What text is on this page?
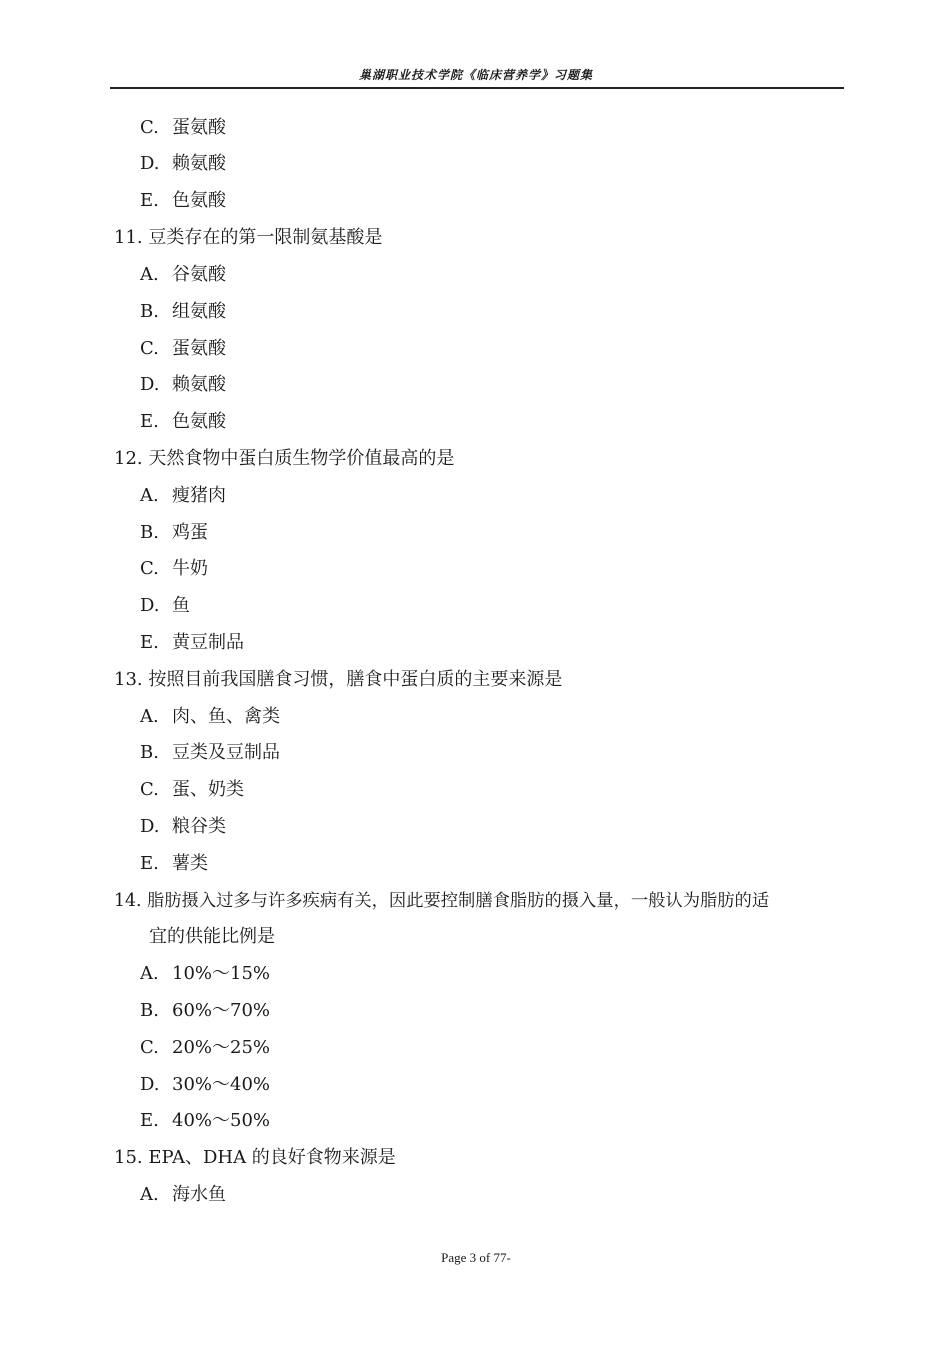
巢湖职业技术学院《临床营养学》习题集
C. 蛋氨酸
D. 赖氨酸
E. 色氨酸
11. 豆类存在的第一限制氨基酸是
A. 谷氨酸
B. 组氨酸
C. 蛋氨酸
D. 赖氨酸
E. 色氨酸
12. 天然食物中蛋白质生物学价值最高的是
A. 瘦猪肉
B. 鸡蛋
C. 牛奶
D. 鱼
E. 黄豆制品
13. 按照目前我国膳食习惯，膳食中蛋白质的主要来源是
A. 肉、鱼、禽类
B. 豆类及豆制品
C. 蛋、奶类
D. 粮谷类
E. 薯类
14. 脂肪摄入过多与许多疾病有关，因此要控制膳食脂肪的摄入量，一般认为脂肪的适
宜的供能比例是
A. 10%～15%
B. 60%～70%
C. 20%～25%
D. 30%～40%
E. 40%～50%
15. EPA、DHA 的良好食物来源是
A. 海水鱼
Page 3 of 77-
